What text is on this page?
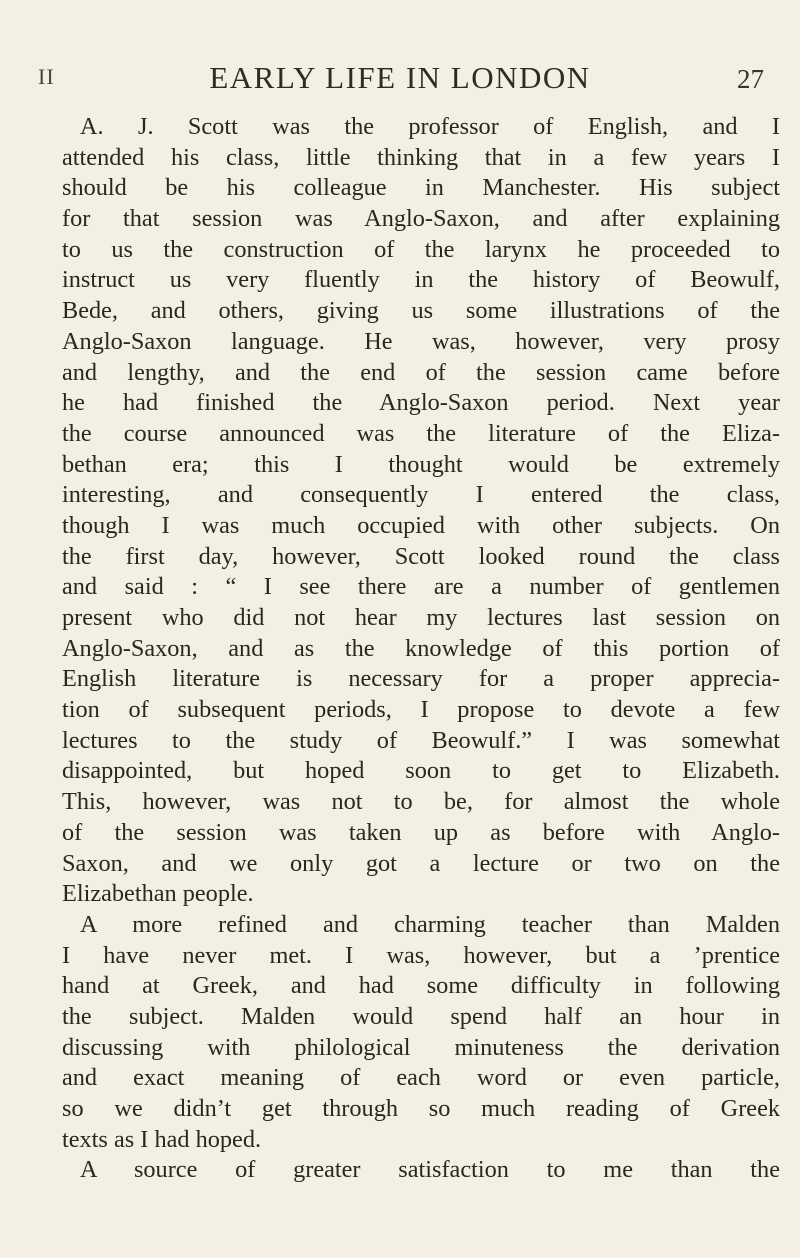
II	EARLY LIFE IN LONDON	27
A. J. Scott was the professor of English, and I
attended his class, little thinking that in a few years I
should be his colleague in Manchester. His subject
for that session was Anglo-Saxon, and after explaining
to us the construction of the larynx he proceeded to
instruct us very fluently in the history of Beowulf,
Bede, and others, giving us some illustrations of the
Anglo-Saxon language. He was, however, very prosy
and lengthy, and the end of the session came before
he had finished the Anglo-Saxon period. Next year
the course announced was the literature of the Eliza-
bethan era; this I thought would be extremely
interesting, and consequently I entered the class,
though I was much occupied with other subjects. On
the first day, however, Scott looked round the class
and said : “ I see there are a number of gentlemen
present who did not hear my lectures last session on
Anglo-Saxon, and as the knowledge of this portion of
English literature is necessary for a proper apprecia-
tion of subsequent periods, I propose to devote a few
lectures to the study of Beowulf.” I was somewhat
disappointed, but hoped soon to get to Elizabeth.
This, however, was not to be, for almost the whole
of the session was taken up as before with Anglo-
Saxon, and we only got a lecture or two on the
Elizabethan people.
A more refined and charming teacher than Malden
I have never met. I was, however, but a ’prentice
hand at Greek, and had some difficulty in following
the subject. Malden would spend half an hour in
discussing with philological minuteness the derivation
and exact meaning of each word or even particle,
so we didn’t get through so much reading of Greek
texts as I had hoped.
A source of greater satisfaction to me than the
